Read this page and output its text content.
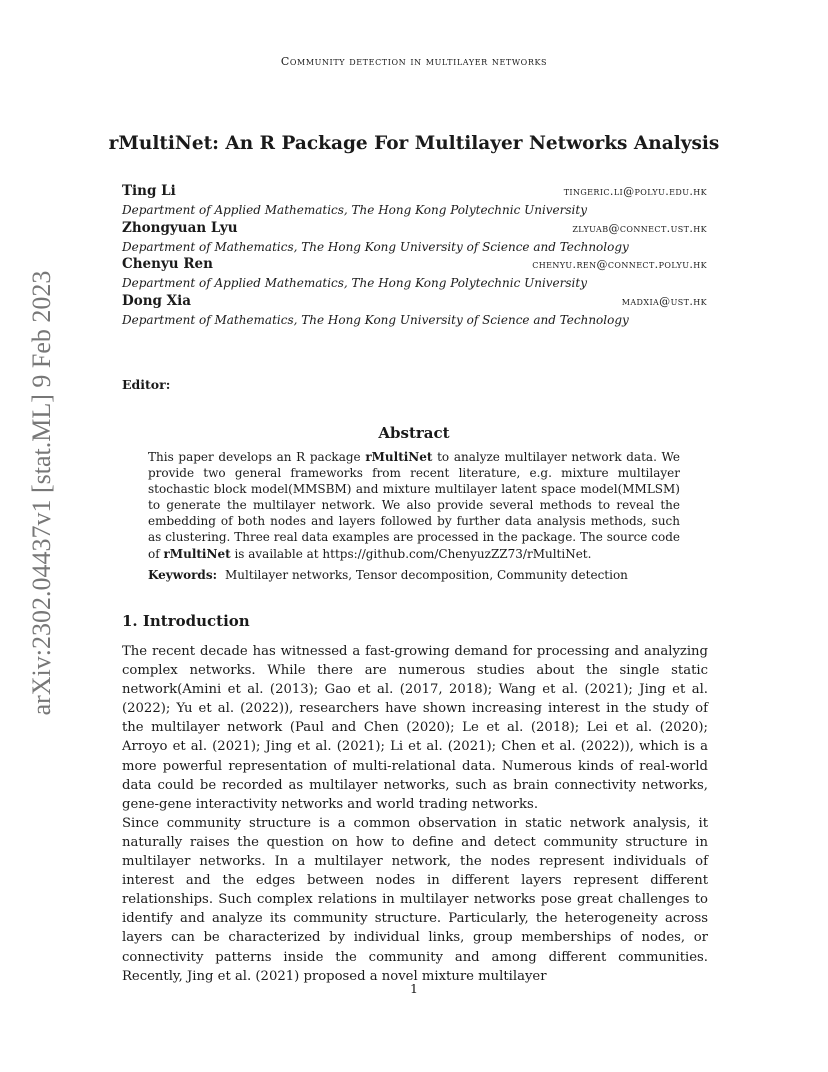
Community detection in multilayer networks
arXiv:2302.04437v1 [stat.ML] 9 Feb 2023
rMultiNet: An R Package For Multilayer Networks Analysis
Ting Li	tingeric.li@polyu.edu.hk
Department of Applied Mathematics, The Hong Kong Polytechnic University
Zhongyuan Lyu	zlyuab@connect.ust.hk
Department of Mathematics, The Hong Kong University of Science and Technology
Chenyu Ren	chenyu.ren@connect.polyu.hk
Department of Applied Mathematics, The Hong Kong Polytechnic University
Dong Xia	madxia@ust.hk
Department of Mathematics, The Hong Kong University of Science and Technology
Editor:
Abstract
This paper develops an R package rMultiNet to analyze multilayer network data. We provide two general frameworks from recent literature, e.g. mixture multilayer stochastic block model(MMSBM) and mixture multilayer latent space model(MMLSM) to generate the multilayer network. We also provide several methods to reveal the embedding of both nodes and layers followed by further data analysis methods, such as clustering. Three real data examples are processed in the package. The source code of rMultiNet is available at https://github.com/ChenyuzZZ73/rMultiNet.
Keywords: Multilayer networks, Tensor decomposition, Community detection
1. Introduction

The recent decade has witnessed a fast-growing demand for processing and analyzing complex networks. While there are numerous studies about the single static network(Amini et al. (2013); Gao et al. (2017, 2018); Wang et al. (2021); Jing et al. (2022); Yu et al. (2022)), researchers have shown increasing interest in the study of the multilayer network (Paul and Chen (2020); Le et al. (2018); Lei et al. (2020); Arroyo et al. (2021); Jing et al. (2021); Li et al. (2021); Chen et al. (2022)), which is a more powerful representation of multi-relational data. Numerous kinds of real-world data could be recorded as multilayer networks, such as brain connectivity networks, gene-gene interactivity networks and world trading networks.

Since community structure is a common observation in static network analysis, it naturally raises the question on how to define and detect community structure in multilayer networks. In a multilayer network, the nodes represent individuals of interest and the edges between nodes in different layers represent different relationships. Such complex relations in multilayer networks pose great challenges to identify and analyze its community structure. Particularly, the heterogeneity across layers can be characterized by individual links, group memberships of nodes, or connectivity patterns inside the community and among different communities. Recently, Jing et al. (2021) proposed a novel mixture multilayer

1
